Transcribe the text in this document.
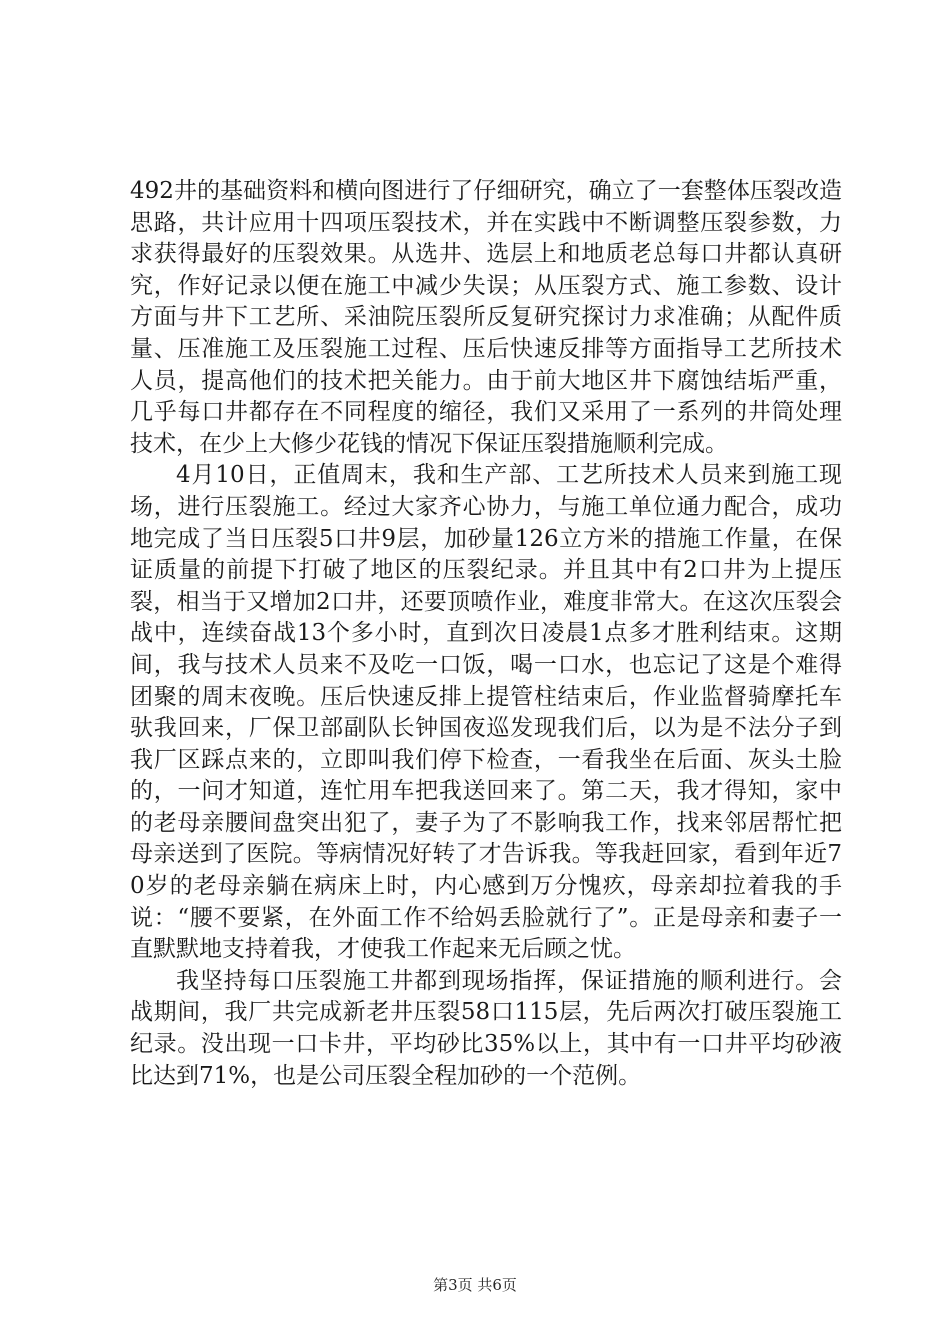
492井的基础资料和横向图进行了仔细研究，确立了一套整体压裂改造思路，共计应用十四项压裂技术，并在实践中不断调整压裂参数，力求获得最好的压裂效果。从选井、选层上和地质老总每口井都认真研究，作好记录以便在施工中减少失误；从压裂方式、施工参数、设计方面与井下工艺所、采油院压裂所反复研究探讨力求准确；从配件质量、压准施工及压裂施工过程、压后快速反排等方面指导工艺所技术人员，提高他们的技术把关能力。由于前大地区井下腐蚀结垢严重，几乎每口井都存在不同程度的缩径，我们又采用了一系列的井筒处理技术，在少上大修少花钱的情况下保证压裂措施顺利完成。

4月10日，正值周末，我和生产部、工艺所技术人员来到施工现场，进行压裂施工。经过大家齐心协力，与施工单位通力配合，成功地完成了当日压裂5口井9层，加砂量126立方米的措施工作量，在保证质量的前提下打破了地区的压裂纪录。并且其中有2口井为上提压裂，相当于又增加2口井，还要顶喷作业，难度非常大。在这次压裂会战中，连续奋战13个多小时，直到次日凌晨1点多才胜利结束。这期间，我与技术人员来不及吃一口饭，喝一口水，也忘记了这是个难得团聚的周末夜晚。压后快速反排上提管柱结束后，作业监督骑摩托车驮我回来，厂保卫部副队长钟国夜巡发现我们后，以为是不法分子到我厂区踩点来的，立即叫我们停下检查，一看我坐在后面、灰头土脸的，一问才知道，连忙用车把我送回来了。第二天，我才得知，家中的老母亲腰间盘突出犯了，妻子为了不影响我工作，找来邻居帮忙把母亲送到了医院。等病情况好转了才告诉我。等我赶回家，看到年近70岁的老母亲躺在病床上时，内心感到万分愧疚，母亲却拉着我的手说：“腰不要紧，在外面工作不给妈丢脸就行了”。正是母亲和妻子一直默默地支持着我，才使我工作起来无后顾之忧。

我坚持每口压裂施工井都到现场指挥，保证措施的顺利进行。会战期间，我厂共完成新老井压裂58口115层，先后两次打破压裂施工纪录。没出现一口卡井，平均砂比35%以上，其中有一口井平均砂液比达到71%，也是公司压裂全程加砂的一个范例。

第3页 共6页
